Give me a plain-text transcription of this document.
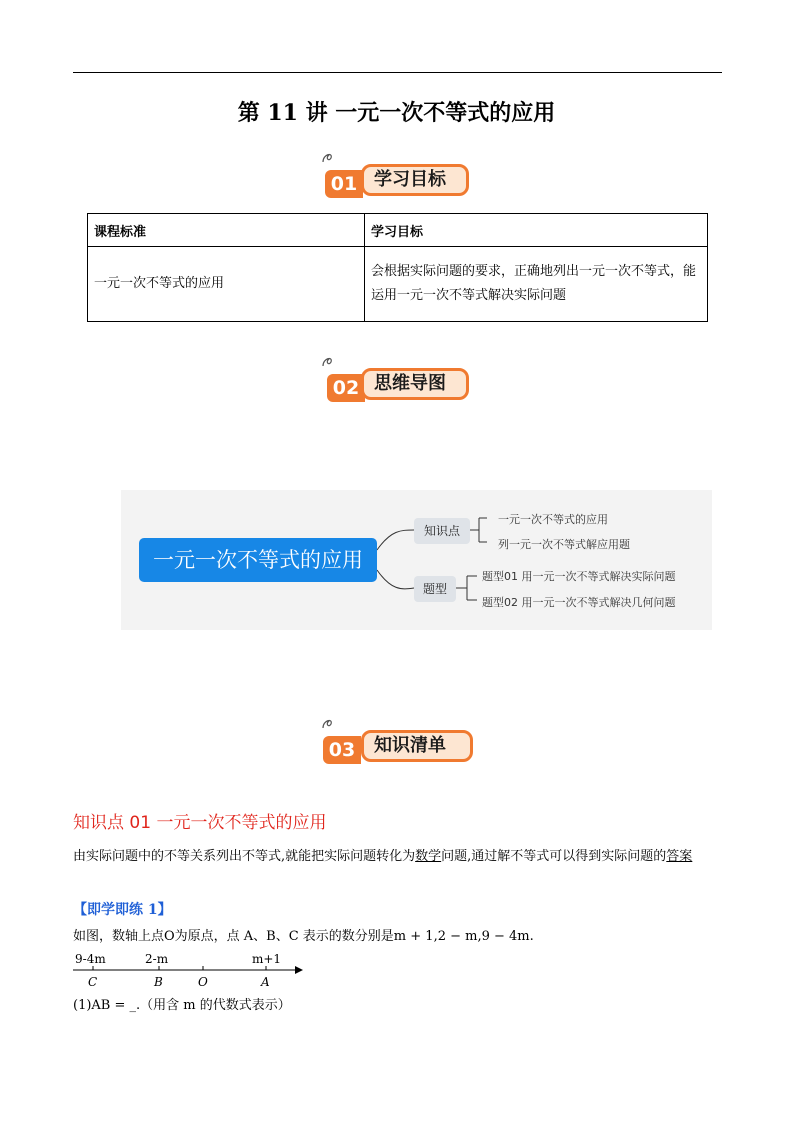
第 11 讲 一元一次不等式的应用
01 学习目标
课程标准	学习目标
一元一次不等式的应用	会根据实际问题的要求，正确地列出一元一次不等式，能运用一元一次不等式解决实际问题
02 思维导图
一元一次不等式的应用
知识点
一元一次不等式的应用
列一元一次不等式解应用题
题型
题型01 用一元一次不等式解决实际问题
题型02 用一元一次不等式解决几何问题
03	知识清单
知识点 01 一元一次不等式的应用
由实际问题中的不等关系列出不等式,就能把实际问题转化为数学问题,通过解不等式可以得到实际问题的答案
【即学即练 1】
如图，数轴上点O为原点，点 A、B、C 表示的数分别是m + 1,2 − m,9 − 4m.
9-4m	2-m	m+1
C	B	O	A
(1)AB = _.（用含 m 的代数式表示）
